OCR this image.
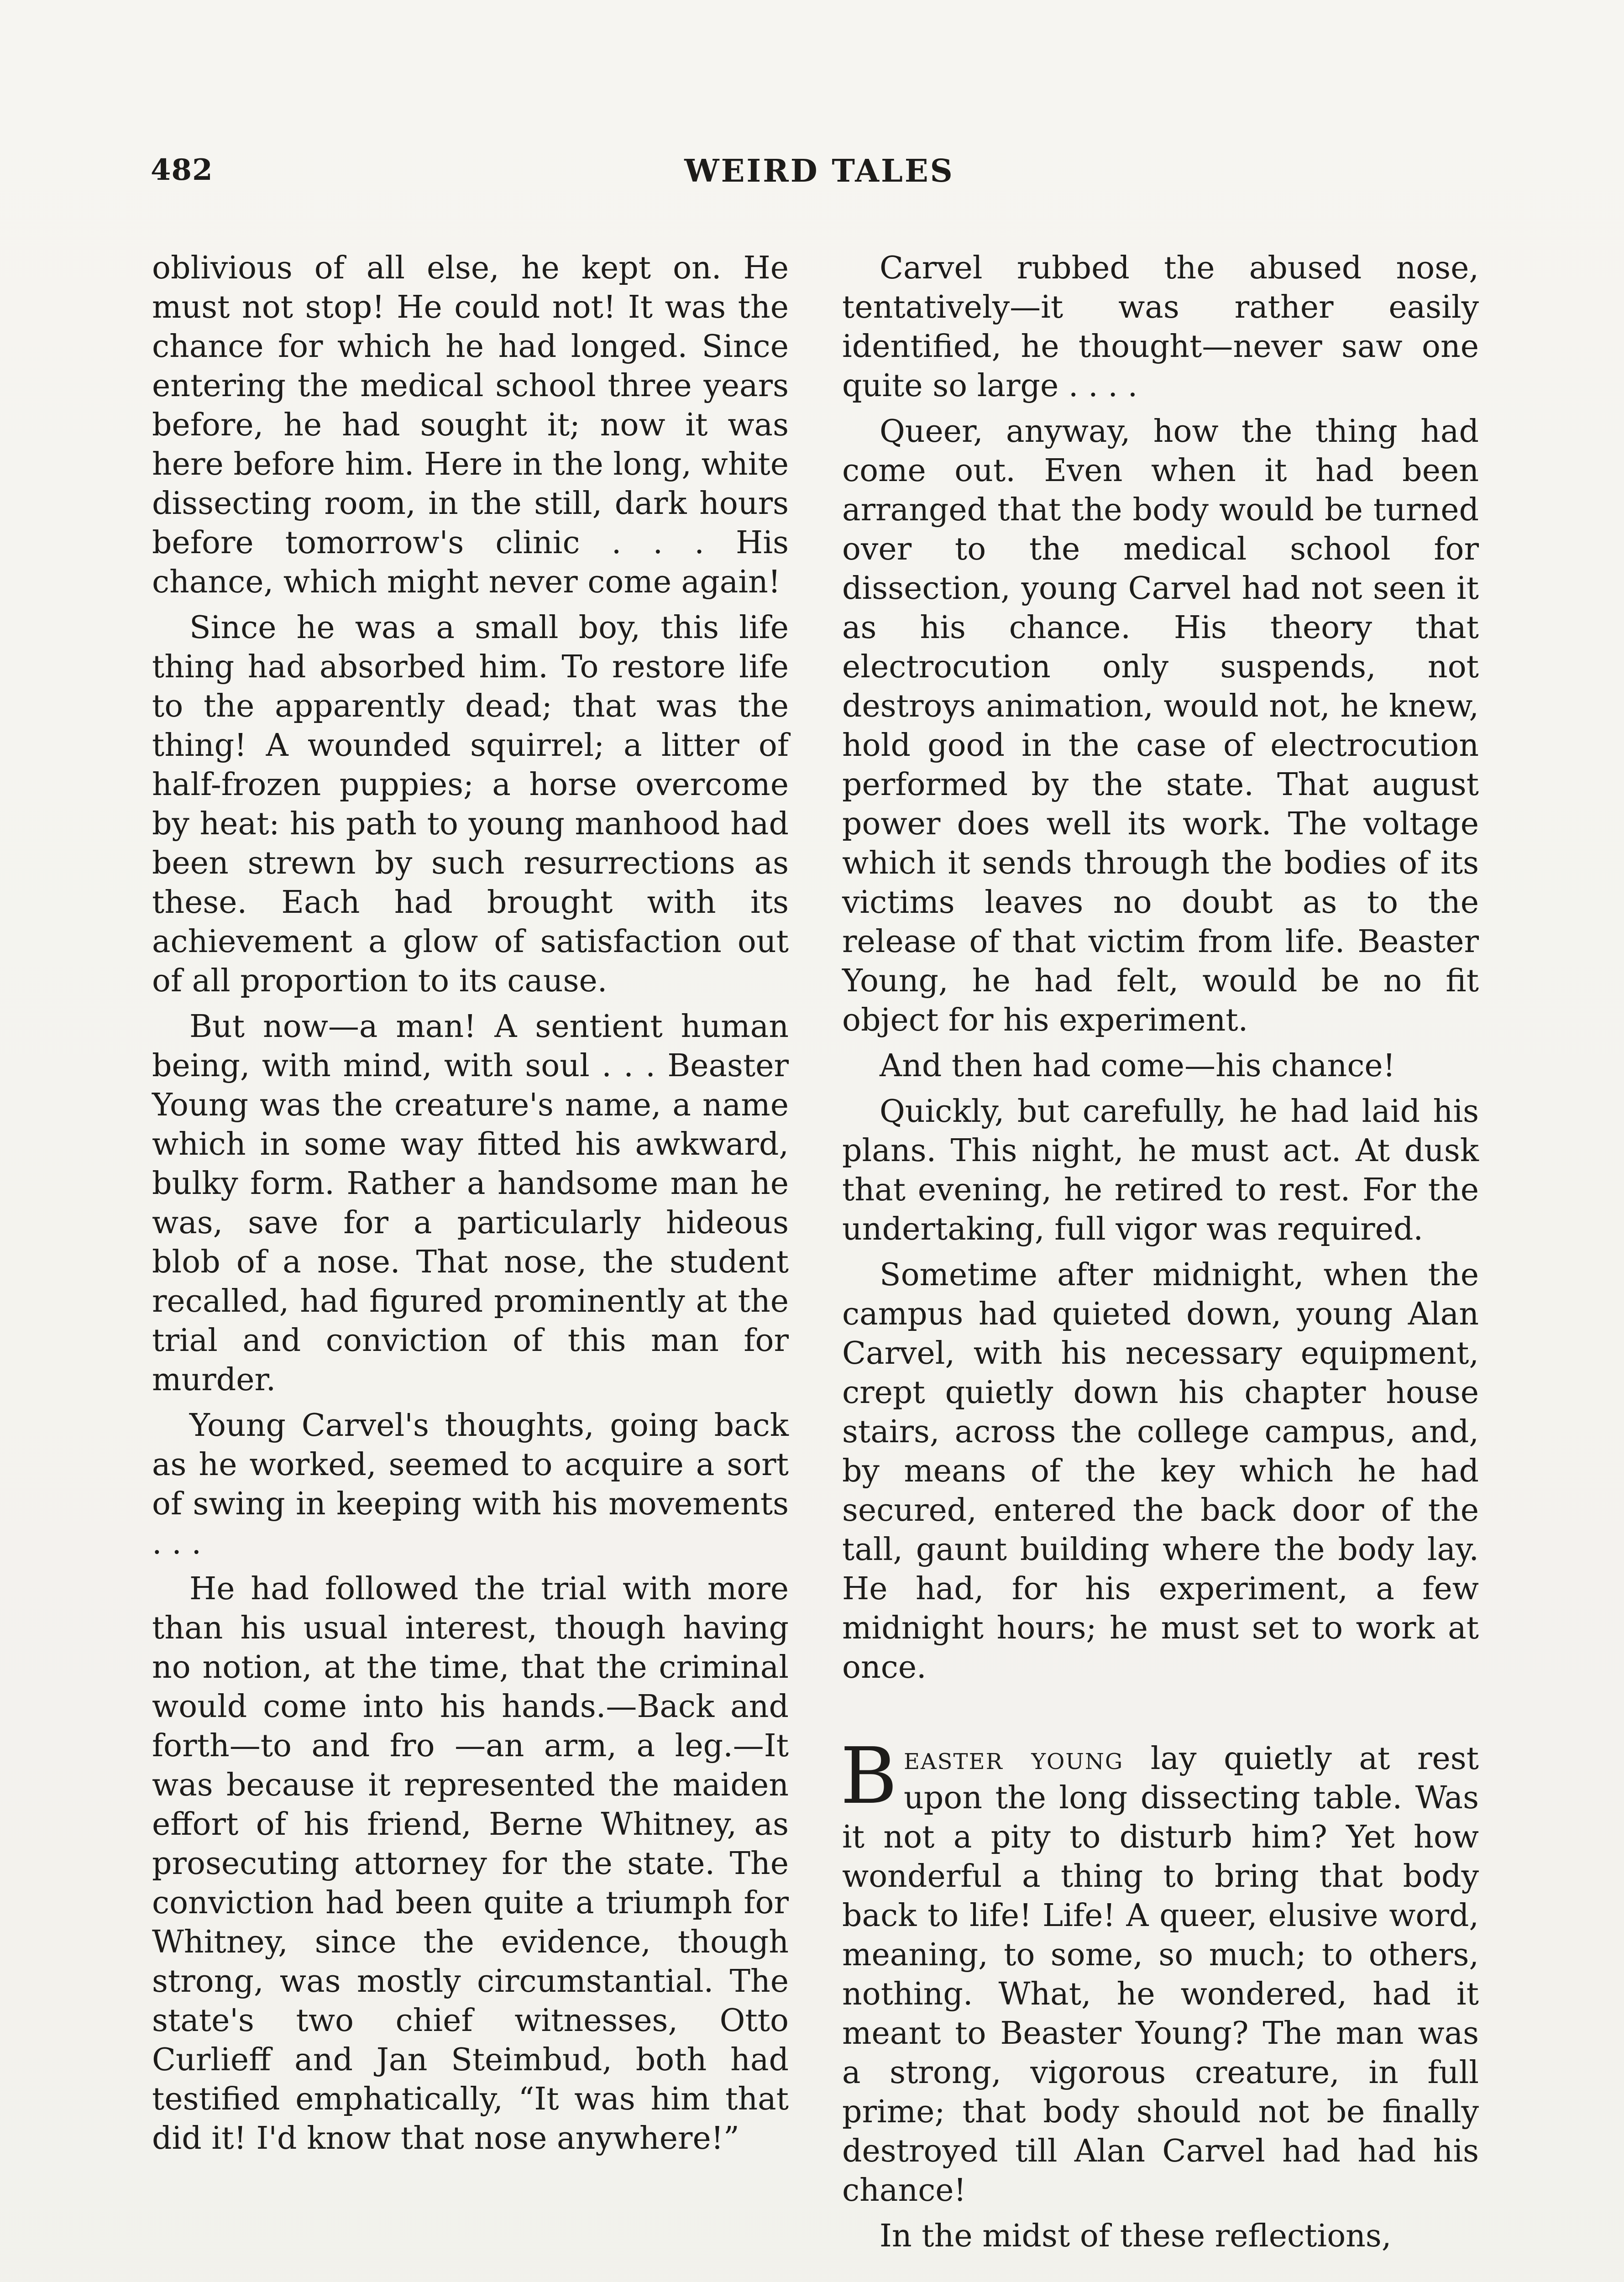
482	WEIRD TALES

oblivious of all else, he kept on. He must not stop! He could not! It was the chance for which he had longed. Since entering the medical school three years before, he had sought it; now it was here before him. Here in the long, white dissecting room, in the still, dark hours before tomorrow's clinic . . . His chance, which might never come again!

Since he was a small boy, this life thing had absorbed him. To restore life to the apparently dead; that was the thing! A wounded squirrel; a litter of half-frozen puppies; a horse overcome by heat: his path to young manhood had been strewn by such resurrections as these. Each had brought with its achievement a glow of satisfaction out of all proportion to its cause.

But now—a man! A sentient human being, with mind, with soul . . . Beaster Young was the creature's name, a name which in some way fitted his awkward, bulky form. Rather a handsome man he was, save for a particularly hideous blob of a nose. That nose, the student recalled, had figured prominently at the trial and conviction of this man for murder.

Young Carvel's thoughts, going back as he worked, seemed to acquire a sort of swing in keeping with his movements . . .

He had followed the trial with more than his usual interest, though having no notion, at the time, that the criminal would come into his hands.—Back and forth—to and fro —an arm, a leg.—It was because it represented the maiden effort of his friend, Berne Whitney, as prosecuting attorney for the state. The conviction had been quite a triumph for Whitney, since the evidence, though strong, was mostly circumstantial. The state's two chief witnesses, Otto Curlieff and Jan Steimbud, both had testified emphatically, “It was him that did it! I'd know that nose anywhere!”

Carvel rubbed the abused nose, tentatively—it was rather easily identified, he thought—never saw one quite so large . . . .

Queer, anyway, how the thing had come out. Even when it had been arranged that the body would be turned over to the medical school for dissection, young Carvel had not seen it as his chance. His theory that electrocution only suspends, not destroys animation, would not, he knew, hold good in the case of electrocution performed by the state. That august power does well its work. The voltage which it sends through the bodies of its victims leaves no doubt as to the release of that victim from life. Beaster Young, he had felt, would be no fit object for his experiment.

And then had come—his chance!

Quickly, but carefully, he had laid his plans. This night, he must act. At dusk that evening, he retired to rest. For the undertaking, full vigor was required.

Sometime after midnight, when the campus had quieted down, young Alan Carvel, with his necessary equipment, crept quietly down his chapter house stairs, across the college campus, and, by means of the key which he had secured, entered the back door of the tall, gaunt building where the body lay. He had, for his experiment, a few midnight hours; he must set to work at once.

Beaster young lay quietly at rest upon the long dissecting table. Was it not a pity to disturb him? Yet how wonderful a thing to bring that body back to life! Life! A queer, elusive word, meaning, to some, so much; to others, nothing. What, he wondered, had it meant to Beaster Young? The man was a strong, vigorous creature, in full prime; that body should not be finally destroyed till Alan Carvel had had his chance!

In the midst of these reflections,
